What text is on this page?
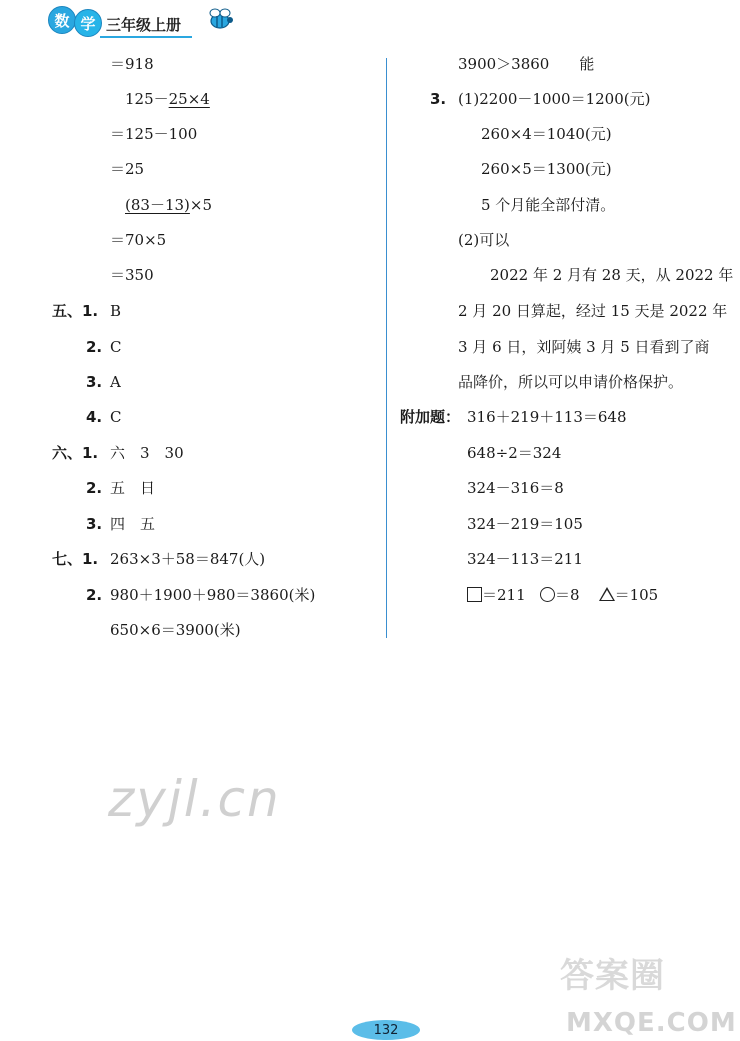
数 学 三年级上册
＝918
125－25×4
＝125－100
＝25
(83－13)×5
＝70×5
＝350
五、1. B
2. C
3. A
4. C
六、1. 六　3　30
2. 五　日
3. 四　五
七、1. 263×3＋58＝847(人)
2. 980＋1900＋980＝3860(米)
650×6＝3900(米)
3900＞3860　　能
3. (1)2200－1000＝1200(元)
260×4＝1040(元)
260×5＝1300(元)
5 个月能全部付清。
(2)可以
2022 年 2 月有 28 天，从 2022 年
2 月 20 日算起，经过 15 天是 2022 年
3 月 6 日，刘阿姨 3 月 5 日看到了商
品降价，所以可以申请价格保护。
附加题： 316＋219＋113＝648
648÷2＝324
324－316＝8
324－219＝105
324－113＝211
＝211 ＝8 ＝105
zyjl.cn
答案圈
MXQE.COM
132
